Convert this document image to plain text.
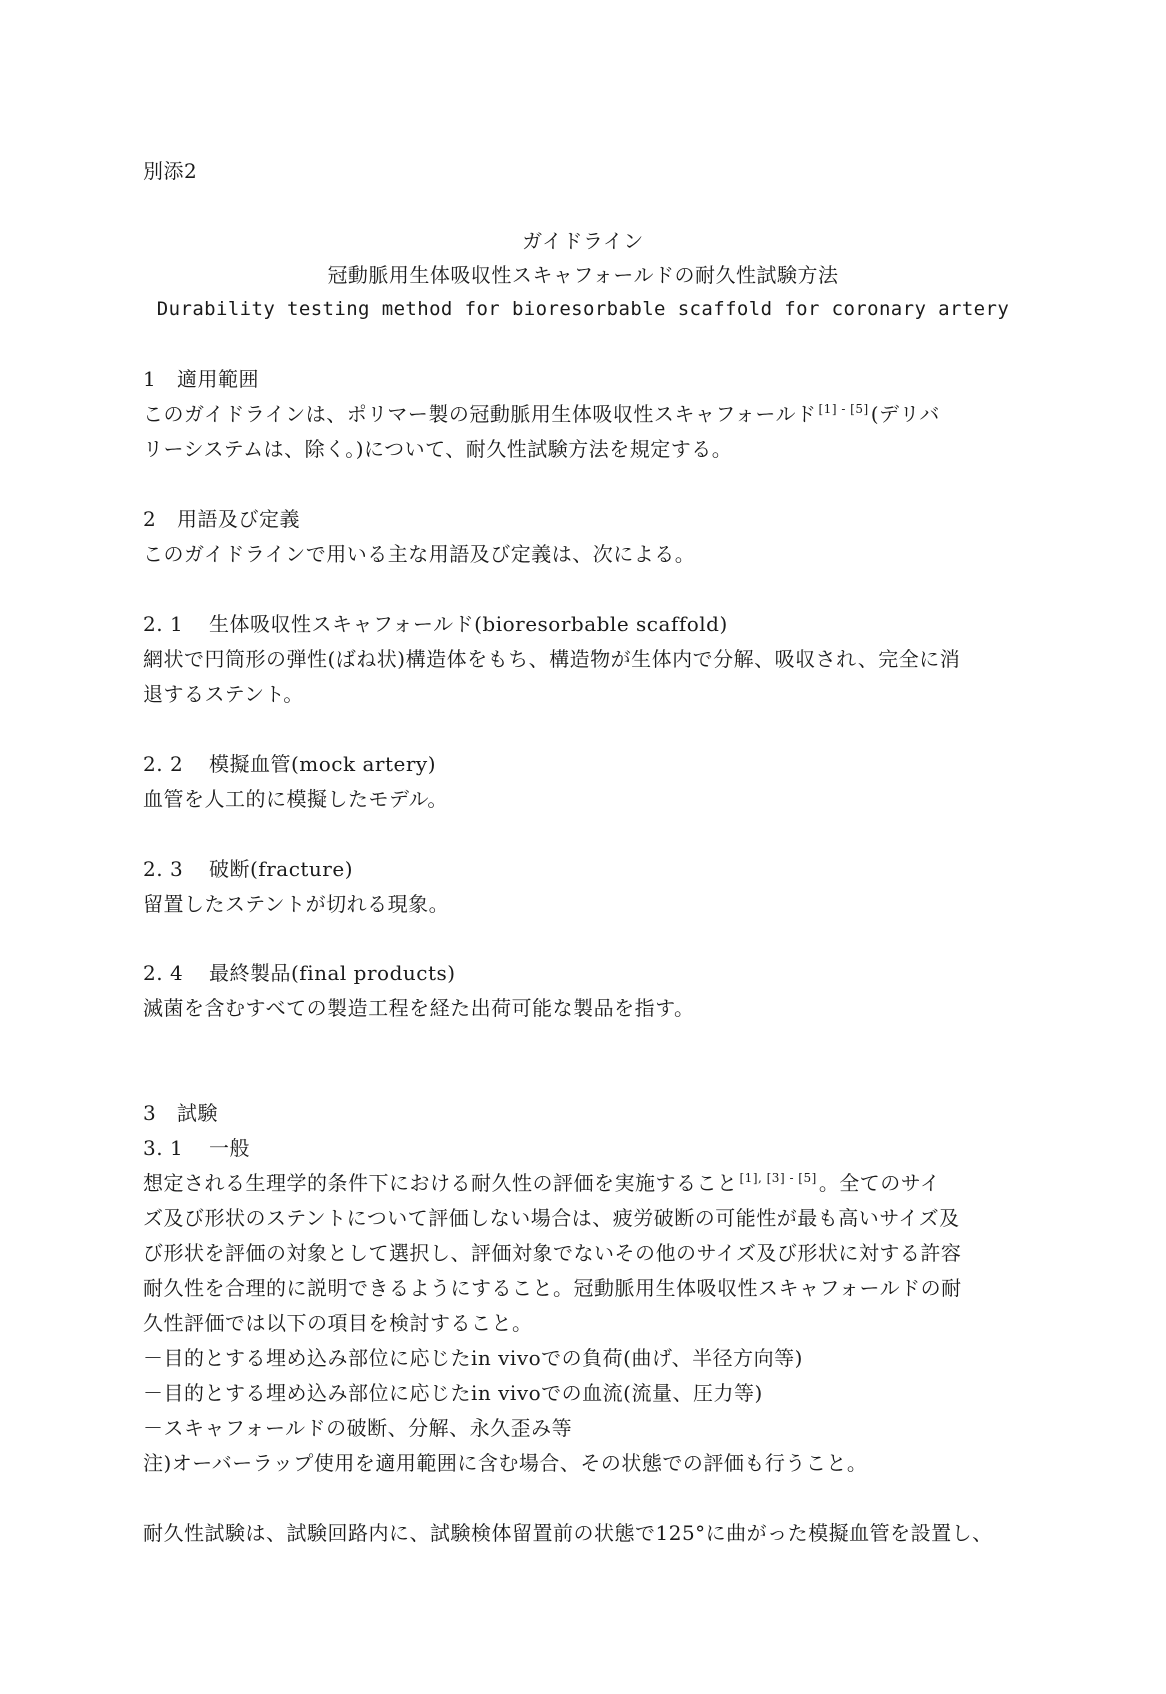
別添2

ガイドライン

冠動脈用生体吸収性スキャフォールドの耐久性試験方法

Durability testing method for bioresorbable scaffold for coronary artery

1 適用範囲

このガイドラインは、ポリマー製の冠動脈用生体吸収性スキャフォールド [1] - [5] (デリバ

リーシステムは、除く。)について、耐久性試験方法を規定する。

2 用語及び定義

このガイドラインで用いる主な用語及び定義は、次による。

2. 1 生体吸収性スキャフォールド(bioresorbable scaffold)

網状で円筒形の弾性(ばね状)構造体をもち、構造物が生体内で分解、吸収され、完全に消

退するステント。

2. 2 模擬血管(mock artery)

血管を人工的に模擬したモデル。

2. 3 破断(fracture)

留置したステントが切れる現象。

2. 4 最終製品(final products)

滅菌を含むすべての製造工程を経た出荷可能な製品を指す。

3 試験

3. 1 一般

想定される生理学的条件下における耐久性の評価を実施すること [1], [3] - [5] 。全てのサイ

ズ及び形状のステントについて評価しない場合は、疲労破断の可能性が最も高いサイズ及

び形状を評価の対象として選択し、評価対象でないその他のサイズ及び形状に対する許容

耐久性を合理的に説明できるようにすること。冠動脈用生体吸収性スキャフォールドの耐

久性評価では以下の項目を検討すること。

－目的とする埋め込み部位に応じたin vivoでの負荷(曲げ、半径方向等)

－目的とする埋め込み部位に応じたin vivoでの血流(流量、圧力等)

－スキャフォールドの破断、分解、永久歪み等

注)オーバーラップ使用を適用範囲に含む場合、その状態での評価も行うこと。

耐久性試験は、試験回路内に、試験検体留置前の状態で125°に曲がった模擬血管を設置し、
